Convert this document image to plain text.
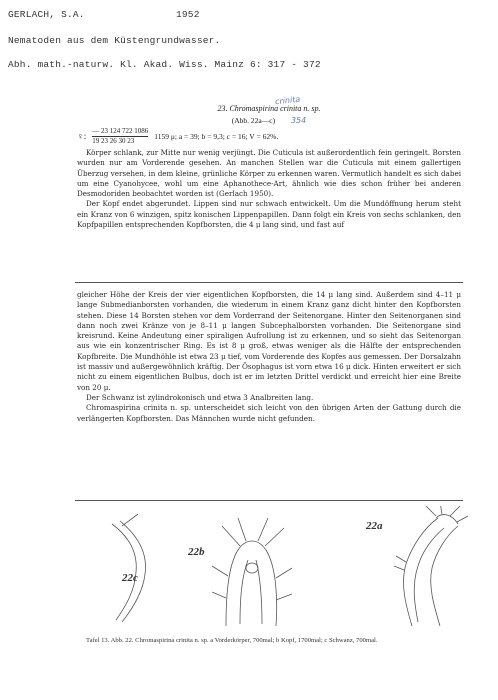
GERLACH, S.A.	1952
Nematoden aus dem Küstengrundwasser.
Abh. math.-naturw. Kl. Akad. Wiss. Mainz 6: 317 - 372
23. Chromaspirina crinita n. sp.
crinita
(Abb. 22a—c) 354
♀: — 23 124 722 1086
19 23 26 30 23	1159 μ; a = 39; b = 9,3; c = 16; V = 62%.

Körper schlank, zur Mitte nur wenig verjüngt. Die Cuticula ist außerordentlich fein geringelt. Borsten wurden nur am Vorderende gesehen. An manchen Stellen war die Cuticula mit einem gallertigen Überzug versehen, in dem kleine, grünliche Körper zu erkennen waren. Vermutlich handelt es sich dabei um eine Cyanohycee, wohl um eine Aphanothece-Art, ähnlich wie dies schon früher bei anderen Desmodoriden beobachtet worden ist (Gerlach 1950).

Der Kopf endet abgerundet. Lippen sind nur schwach entwickelt. Um die Mundöffnung herum steht ein Kranz von 6 winzigen, spitz konischen Lippenpapillen. Dann folgt ein Kreis von sechs schlanken, den Kopfpapillen entsprechenden Kopfborsten, die 4 μ lang sind, und fast auf

gleicher Höhe der Kreis der vier eigentlichen Kopfborsten, die 14 μ lang sind. Außerdem sind 4–11 μ lange Submedianborsten vorhanden, die wiederum in einem Kranz ganz dicht hinter den Kopfborsten stehen. Diese 14 Borsten stehen vor dem Vorderrand der Seitenorgane. Hinter den Seitenorganen sind dann noch zwei Kränze von je 8–11 μ langen Subcephalborsten vorhanden. Die Seitenorgane sind kreisrund. Keine Andeutung einer spiraligen Aufrollung ist zu erkennen, und so sieht das Seitenorgan aus wie ein konzentrischer Ring. Es ist 8 μ groß, etwas weniger als die Hälfte der entsprechenden Kopfbreite. Die Mundhöhle ist etwa 23 μ tief, vom Vorderende des Kopfes aus gemessen. Der Dorsalzahn ist massiv und außergewöhnlich kräftig. Der Ösophagus ist vorn etwa 16 μ dick. Hinten erweitert er sich nicht zu einem eigentlichen Bulbus, doch ist er im letzten Drittel verdickt und erreicht hier eine Breite von 20 μ.

Der Schwanz ist zylindrokonisch und etwa 3 Analbreiten lang.

Chromaspirina crinita n. sp. unterscheidet sich leicht von den übrigen Arten der Gattung durch die verlängerten Kopfborsten. Das Männchen wurde nicht gefunden.

22c
22b
22a
Tafel 13. Abb. 22. Chromaspirina crinita n. sp. a Vorderkörper, 700mal; b Kopf, 1700mal; c Schwanz, 700mal.
